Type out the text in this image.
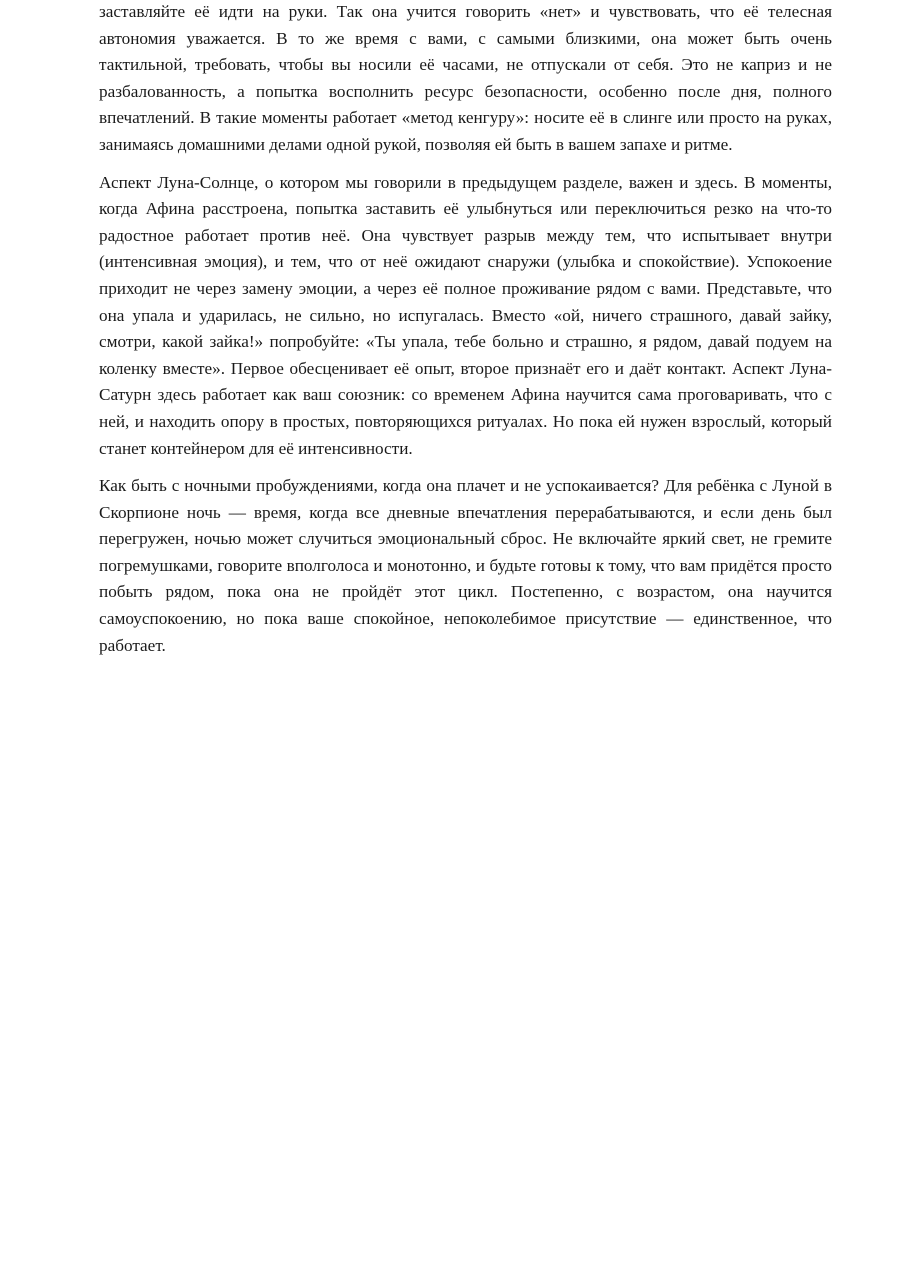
заставляйте её идти на руки. Так она учится говорить «нет» и чувствовать, что её телесная автономия уважается. В то же время с вами, с самыми близкими, она может быть очень тактильной, требовать, чтобы вы носили её часами, не отпускали от себя. Это не каприз и не разбалованность, а попытка восполнить ресурс безопасности, особенно после дня, полного впечатлений. В такие моменты работает «метод кенгуру»: носите её в слинге или просто на руках, занимаясь домашними делами одной рукой, позволяя ей быть в вашем запахе и ритме.

Аспект Луна-Солнце, о котором мы говорили в предыдущем разделе, важен и здесь. В моменты, когда Афина расстроена, попытка заставить её улыбнуться или переключиться резко на что-то радостное работает против неё. Она чувствует разрыв между тем, что испытывает внутри (интенсивная эмоция), и тем, что от неё ожидают снаружи (улыбка и спокойствие). Успокоение приходит не через замену эмоции, а через её полное проживание рядом с вами. Представьте, что она упала и ударилась, не сильно, но испугалась. Вместо «ой, ничего страшного, давай зайку, смотри, какой зайка!» попробуйте: «Ты упала, тебе больно и страшно, я рядом, давай подуем на коленку вместе». Первое обесценивает её опыт, второе признаёт его и даёт контакт. Аспект Луна-Сатурн здесь работает как ваш союзник: со временем Афина научится сама проговаривать, что с ней, и находить опору в простых, повторяющихся ритуалах. Но пока ей нужен взрослый, который станет контейнером для её интенсивности.

Как быть с ночными пробуждениями, когда она плачет и не успокаивается? Для ребёнка с Луной в Скорпионе ночь — время, когда все дневные впечатления перерабатываются, и если день был перегружен, ночью может случиться эмоциональный сброс. Не включайте яркий свет, не гремите погремушками, говорите вполголоса и монотонно, и будьте готовы к тому, что вам придётся просто побыть рядом, пока она не пройдёт этот цикл. Постепенно, с возрастом, она научится самоуспокоению, но пока ваше спокойное, непоколебимое присутствие — единственное, что работает.
